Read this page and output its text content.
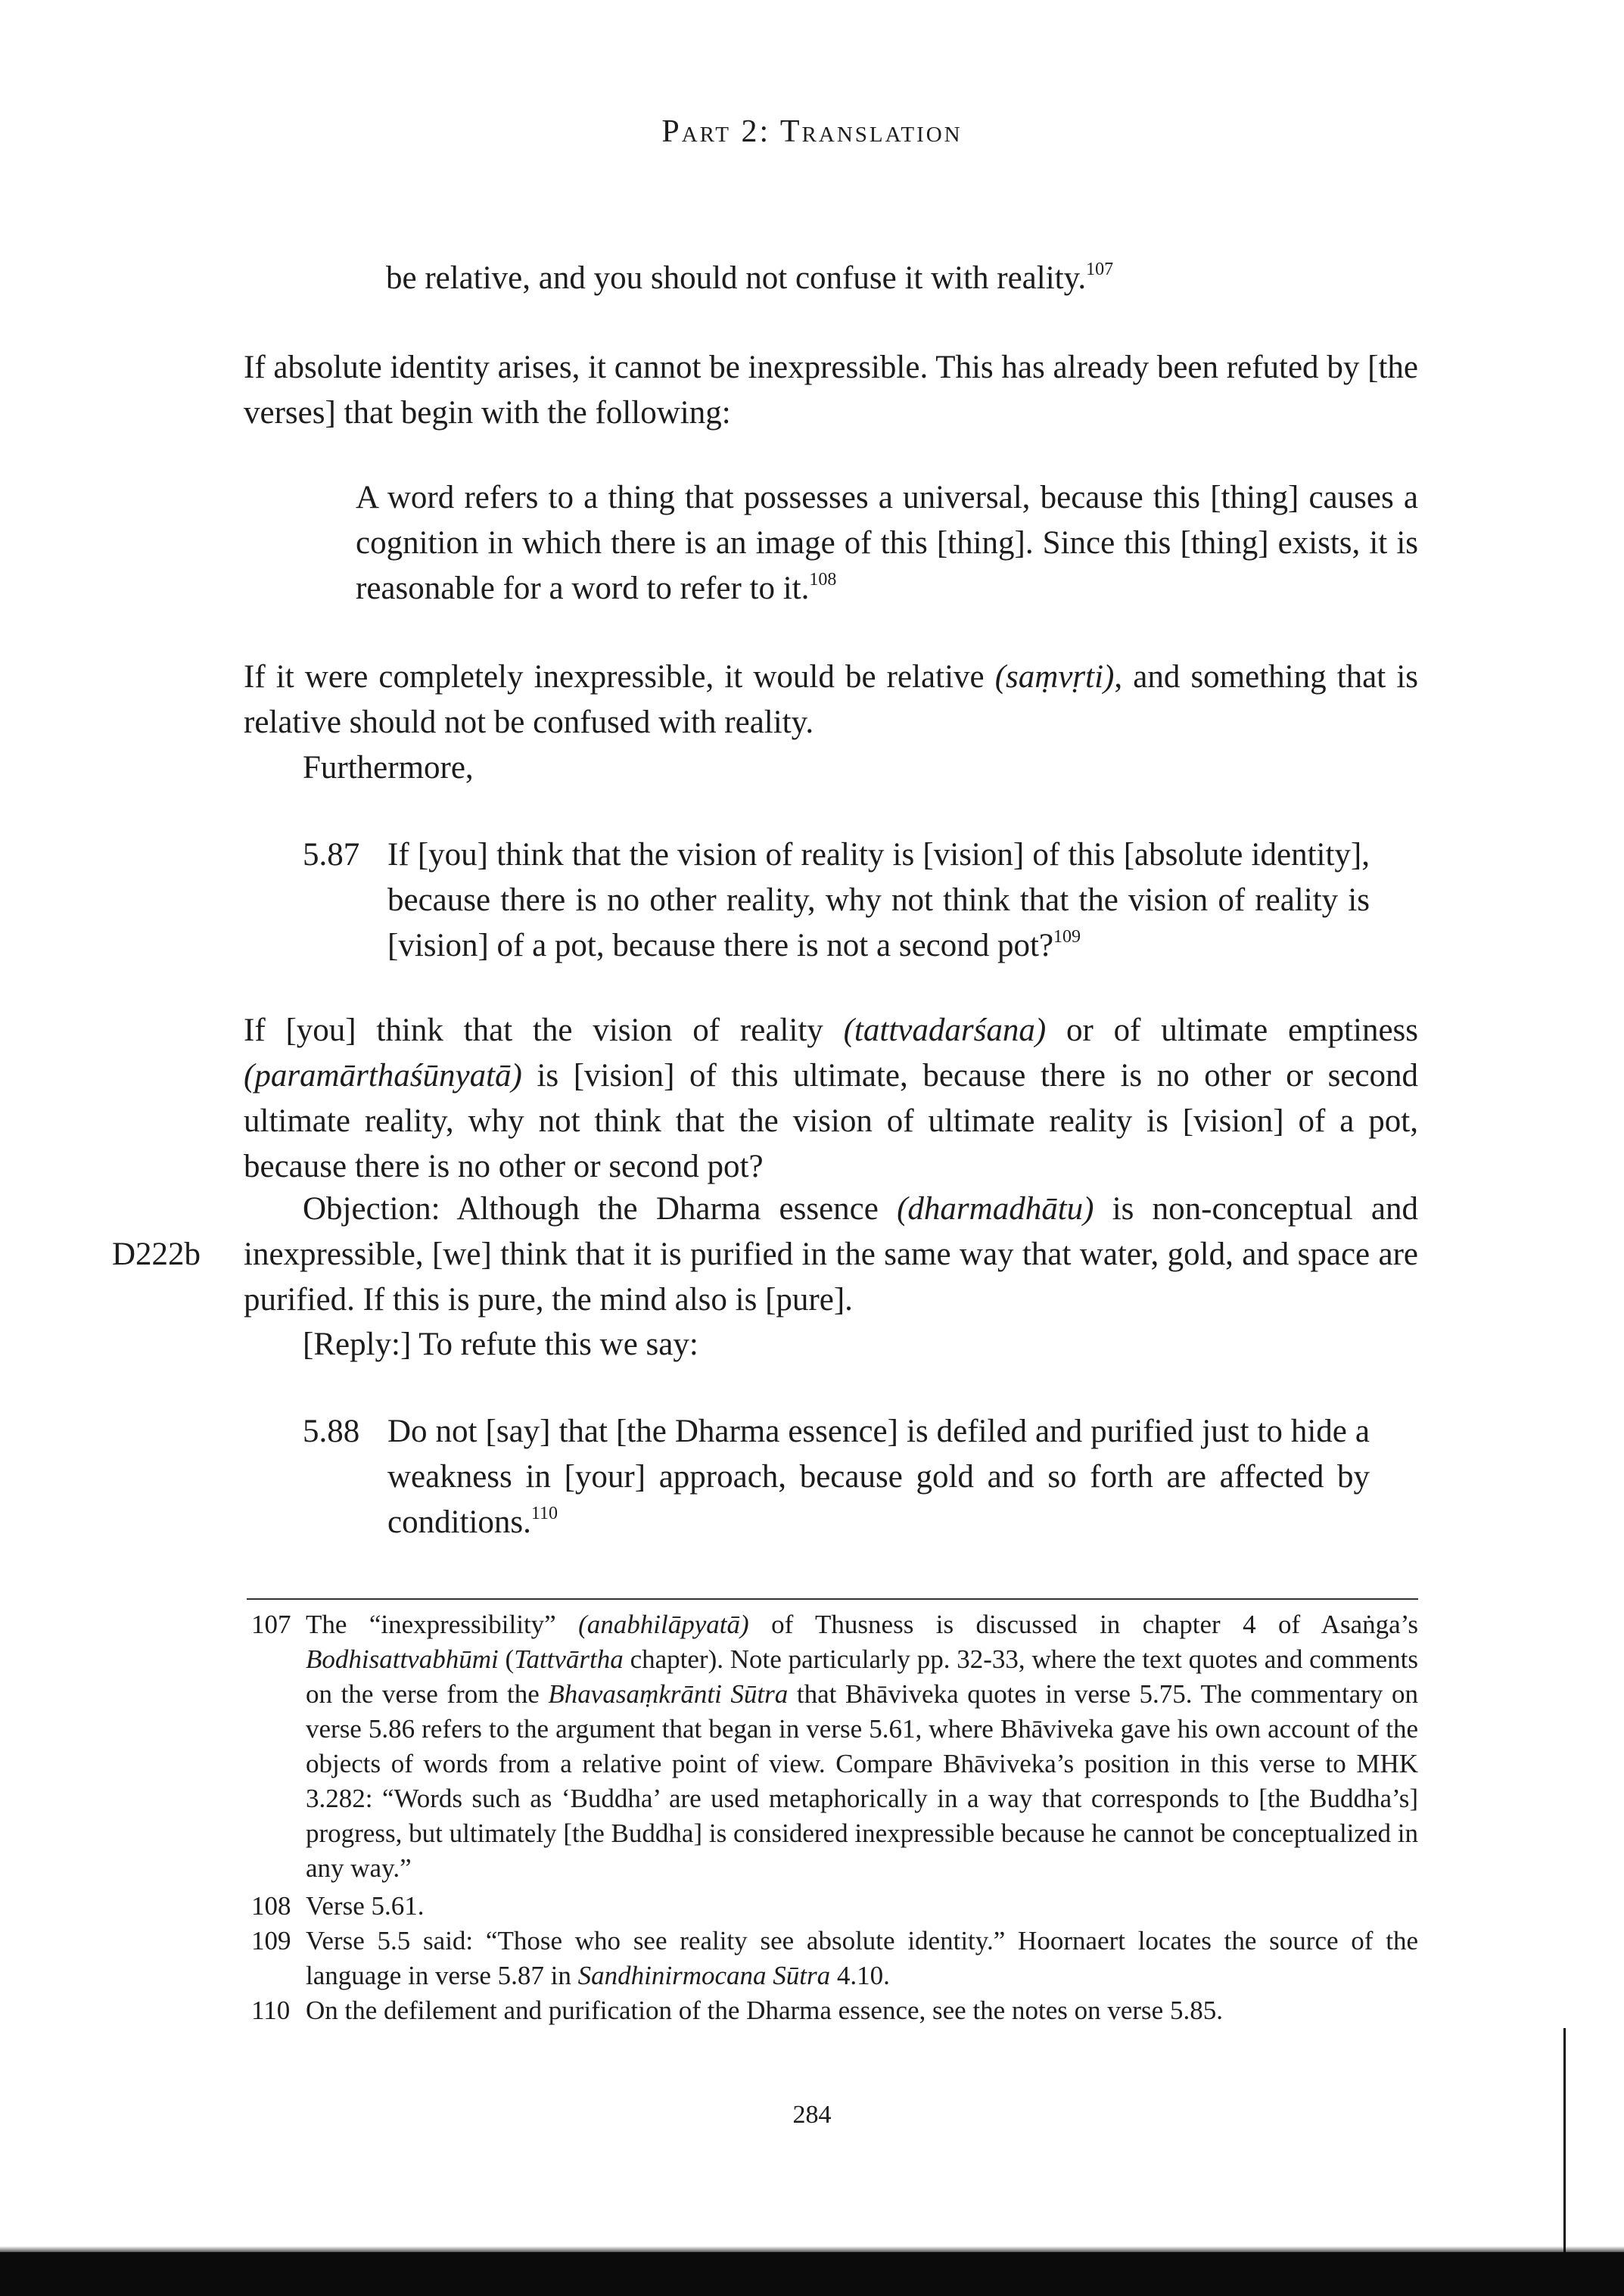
Part 2: Translation

be relative, and you should not confuse it with reality.$^{107}$

If absolute identity arises, it cannot be inexpressible. This has already been refuted by [the verses] that begin with the following:

A word refers to a thing that possesses a universal, because this [thing] causes a cognition in which there is an image of this [thing]. Since this [thing] exists, it is reasonable for a word to refer to it.$^{108}$

If it were completely inexpressible, it would be relative (saṃvṛti), and something that is relative should not be confused with reality.

Furthermore,

5.87 If [you] think that the vision of reality is [vision] of this [absolute identity], because there is no other reality, why not think that the vision of reality is [vision] of a pot, because there is not a second pot?$^{109}$

If [you] think that the vision of reality (tattvadarśana) or of ultimate emptiness (paramārthaśūnyatā) is [vision] of this ultimate, because there is no other or second ultimate reality, why not think that the vision of ultimate reality is [vision] of a pot, because there is no other or second pot?

Objection: Although the Dharma essence (dharmadhātu) is non-conceptual and inexpressible, [we] think that it is purified in the same way that water, gold, and space are purified. If this is pure, the mind also is [pure].

D222b

[Reply:] To refute this we say:

5.88 Do not [say] that [the Dharma essence] is defiled and purified just to hide a weakness in [your] approach, because gold and so forth are affected by conditions.$^{110}$

107 The “inexpressibility” (anabhilāpyatā) of Thusness is discussed in chapter 4 of Asaṅga’s Bodhisattvabhūmi (Tattvārtha chapter). Note particularly pp. 32-33, where the text quotes and comments on the verse from the Bhavasaṃkrānti Sūtra that Bhāviveka quotes in verse 5.75. The commentary on verse 5.86 refers to the argument that began in verse 5.61, where Bhāviveka gave his own account of the objects of words from a relative point of view. Compare Bhāviveka’s position in this verse to MHK 3.282: “Words such as ‘Buddha’ are used metaphorically in a way that corresponds to [the Buddha’s] progress, but ultimately [the Buddha] is considered inexpressible because he cannot be conceptualized in any way.”

108 Verse 5.61.

109 Verse 5.5 said: “Those who see reality see absolute identity.” Hoornaert locates the source of the language in verse 5.87 in Sandhinirmocana Sūtra 4.10.

110 On the defilement and purification of the Dharma essence, see the notes on verse 5.85.

284
